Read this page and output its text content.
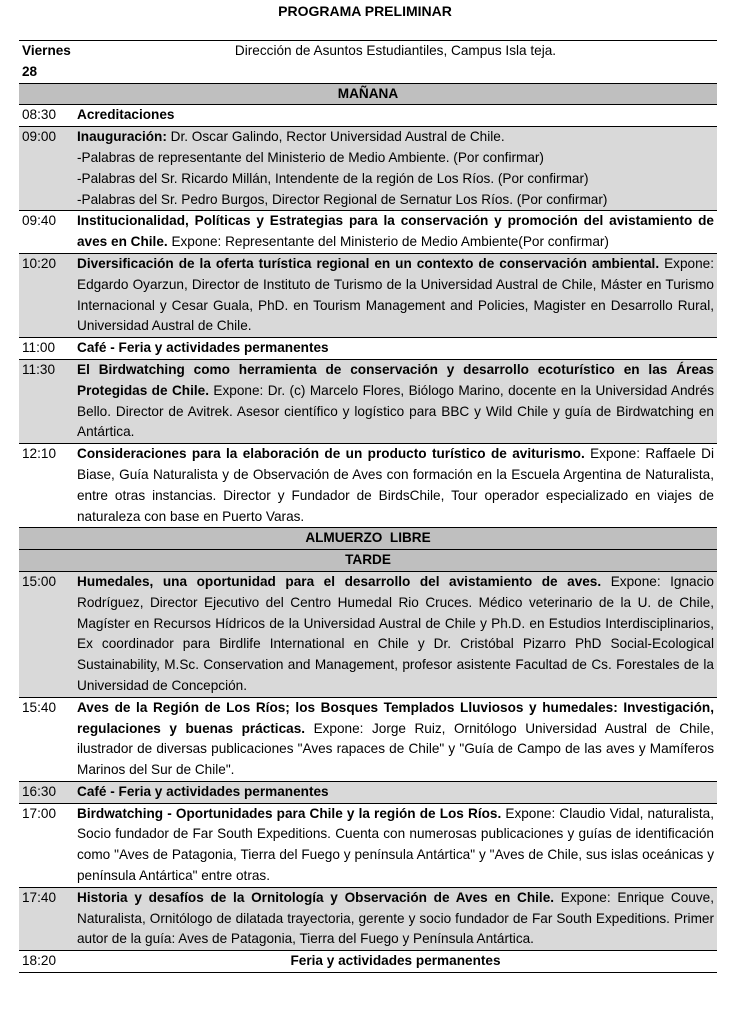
PROGRAMA PRELIMINAR
Viernes 28	Dirección de Asuntos Estudiantiles, Campus Isla teja.
MAÑANA	
08:30	Acreditaciones
09:00	Inauguración: Dr. Oscar Galindo, Rector Universidad Austral de Chile.
-Palabras de representante del Ministerio de Medio Ambiente. (Por confirmar)
-Palabras del Sr. Ricardo Millán, Intendente de la región de Los Ríos. (Por confirmar)
-Palabras del Sr. Pedro Burgos, Director Regional de Sernatur Los Ríos. (Por confirmar)

09:40	Institucionalidad, Políticas y Estrategias para la conservación y promoción del avistamiento de aves en Chile. Expone: Representante del Ministerio de Medio Ambiente(Por confirmar)
10:20	Diversificación de la oferta turística regional en un contexto de conservación ambiental. Expone: Edgardo Oyarzun, Director de Instituto de Turismo de la Universidad Austral de Chile, Máster en Turismo Internacional y Cesar Guala, PhD. en Tourism Management and Policies, Magister en Desarrollo Rural, Universidad Austral de Chile.
11:00	Café - Feria y actividades permanentes
11:30	El Birdwatching como herramienta de conservación y desarrollo ecoturístico en las Áreas Protegidas de Chile. Expone: Dr. (c) Marcelo Flores, Biólogo Marino, docente en la Universidad Andrés Bello. Director de Avitrek. Asesor científico y logístico para BBC y Wild Chile y guía de Birdwatching en Antártica.
12:10	Consideraciones para la elaboración de un producto turístico de aviturismo. Expone: Raffaele Di Biase, Guía Naturalista y de Observación de Aves con formación en la Escuela Argentina de Naturalista, entre otras instancias. Director y Fundador de BirdsChile, Tour operador especializado en viajes de naturaleza con base en Puerto Varas.
ALMUERZO  LIBRE	
TARDE	
15:00	Humedales, una oportunidad para el desarrollo del avistamiento de aves. Expone: Ignacio Rodríguez, Director Ejecutivo del Centro Humedal Rio Cruces. Médico veterinario de la U. de Chile, Magíster en Recursos Hídricos de la Universidad Austral de Chile y Ph.D. en Estudios Interdisciplinarios, Ex coordinador para Birdlife International en Chile y Dr. Cristóbal Pizarro PhD Social-Ecological Sustainability, M.Sc. Conservation and Management, profesor asistente Facultad de Cs. Forestales de la Universidad de Concepción.
15:40	Aves de la Región de Los Ríos; los Bosques Templados Lluviosos y humedales: Investigación, regulaciones y buenas prácticas. Expone: Jorge Ruiz, Ornitólogo Universidad Austral de Chile, ilustrador de diversas publicaciones "Aves rapaces de Chile" y "Guía de Campo de las aves y Mamíferos Marinos del Sur de Chile".
16:30	Café - Feria y actividades permanentes
17:00	Birdwatching - Oportunidades para Chile y la región de Los Ríos. Expone: Claudio Vidal, naturalista, Socio fundador de Far South Expeditions. Cuenta con numerosas publicaciones y guías de identificación como "Aves de Patagonia, Tierra del Fuego y península Antártica" y "Aves de Chile, sus islas oceánicas y península Antártica" entre otras.
17:40	Historia y desafíos de la Ornitología y Observación de Aves en Chile. Expone: Enrique Couve, Naturalista, Ornitólogo de dilatada trayectoria, gerente y socio fundador de Far South Expeditions. Primer autor de la guía: Aves de Patagonia, Tierra del Fuego y Península Antártica.
18:20	Feria y actividades permanentes
